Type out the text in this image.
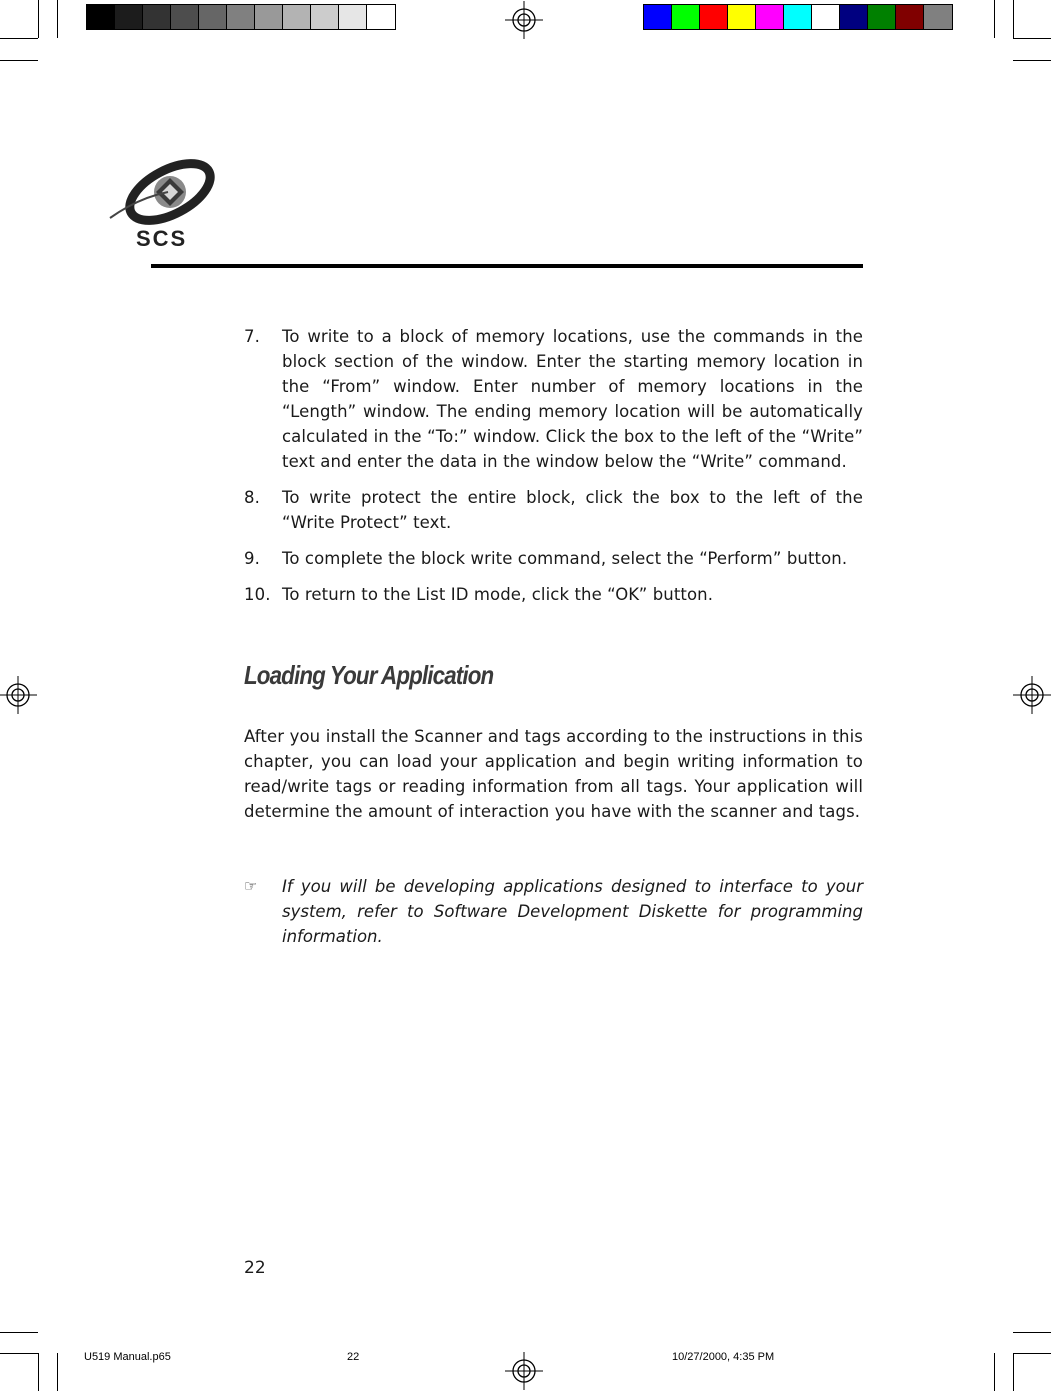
SCS
7.	To write to a block of memory locations, use the commands in the block section of the window. Enter the starting memory location in the “From” window. Enter number of memory locations in the “Length” window. The ending memory location will be automatically calculated in the “To:” window. Click the box to the left of the “Write” text and enter the data in the window below the “Write” command.
8.	To write protect the entire block, click the box to the left of the “Write Protect” text.
9.	To complete the block write command, select the “Perform” button.
10. To return to the List ID mode, click the “OK” button.
Loading Your Application
After you install the Scanner and tags according to the instructions in this chapter, you can load your application and begin writing information to read/write tags or reading information from all tags. Your application will determine the amount of interaction you have with the scanner and tags.
☞	If you will be developing applications designed to interface to your system, refer to Software Development Diskette for programming information.
22
U519 Manual.p65	22	10/27/2000, 4:35 PM
